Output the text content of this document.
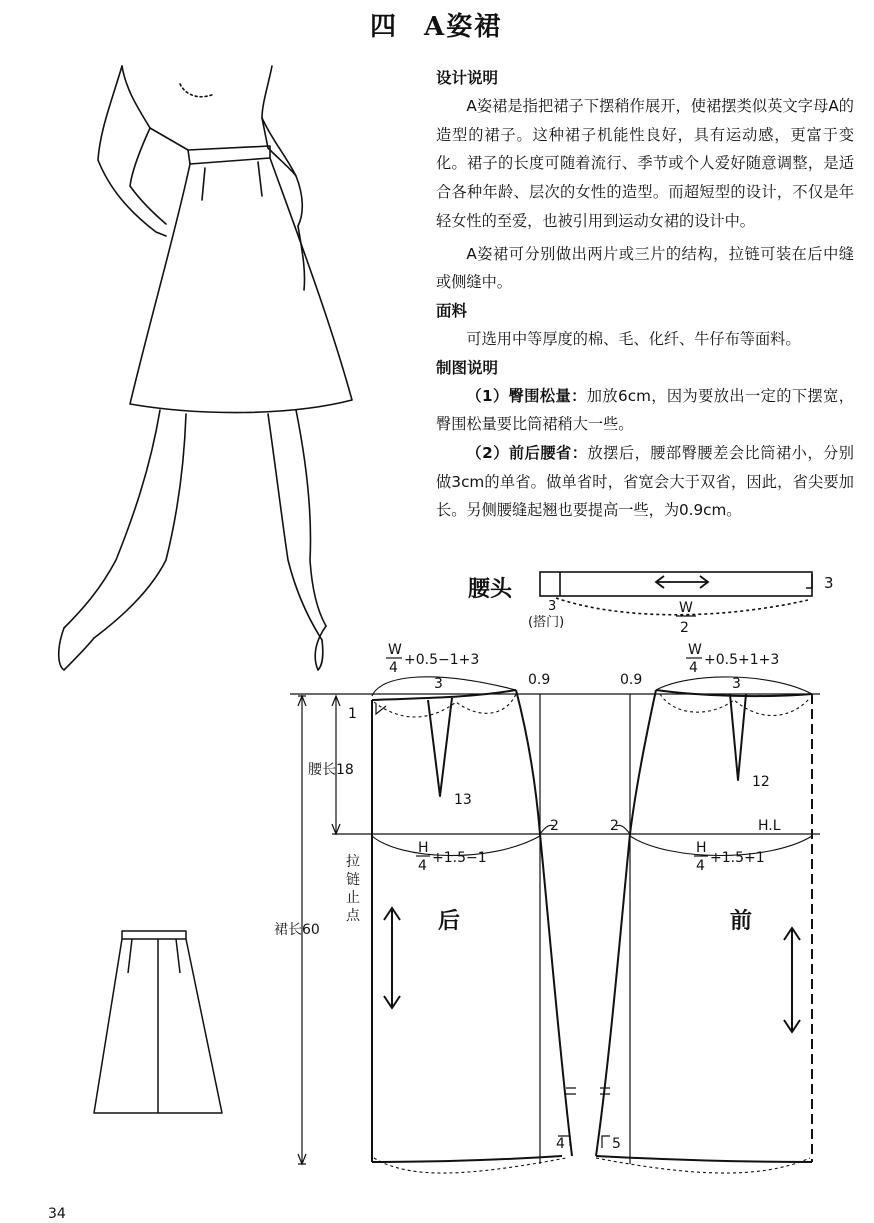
四 A姿裙
设计说明

A姿裙是指把裙子下摆稍作展开，使裙摆类似英文字母A的造型的裙子。这种裙子机能性良好，具有运动感，更富于变化。裙子的长度可随着流行、季节或个人爱好随意调整，是适合各种年龄、层次的女性的造型。而超短型的设计，不仅是年轻女性的至爱，也被引用到运动女裙的设计中。

A姿裙可分别做出两片或三片的结构，拉链可装在后中缝或侧缝中。

面料

可选用中等厚度的棉、毛、化纤、牛仔布等面料。

制图说明

（1）臀围松量：加放6cm，因为要放出一定的下摆宽，臀围松量要比筒裙稍大一些。

（2）前后腰省：放摆后，腰部臀腰差会比筒裙小，分别做3cm的单省。做单省时，省宽会大于双省，因此，省尖要加长。另侧腰缝起翘也要提高一些，为0.9cm。

腰头	3
3
(搭门)
W
2
W
4 +0.5−1+3
W
4 +0.5+1+3
3	3
0.9	0.9
1
腰长18
13
12
2	2	H.L
H
4 +1.5−1
H
4 +1.5+1
拉
链
止
点
裙长60
4	5
后	前
34
